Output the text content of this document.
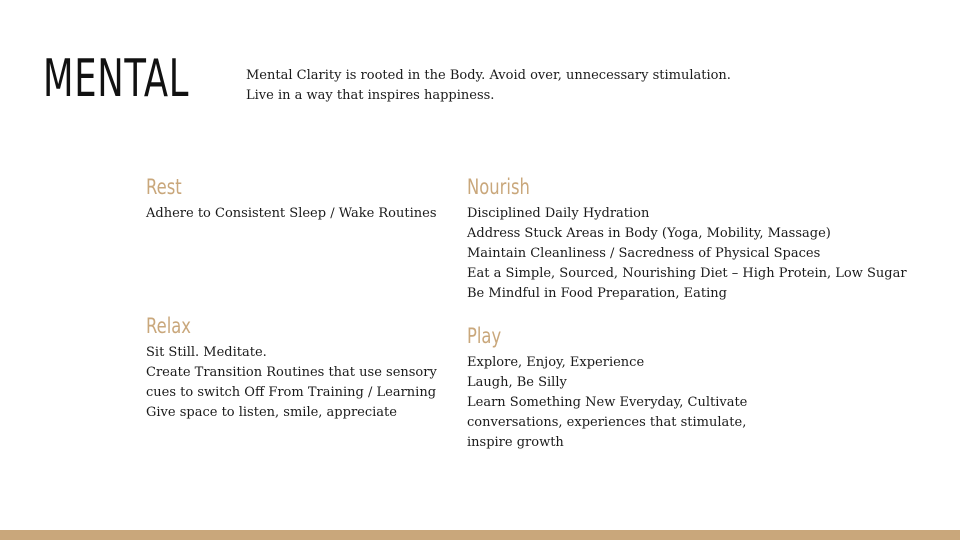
MENTAL	Mental Clarity is rooted in the Body. Avoid over, unnecessary stimulation.
Live in a way that inspires happiness.
Rest
Adhere to Consistent Sleep / Wake Routines
Relax
Sit Still. Meditate.
Create Transition Routines that use sensory
cues to switch Off From Training / Learning
Give space to listen, smile, appreciate
Nourish
Disciplined Daily Hydration
Address Stuck Areas in Body (Yoga, Mobility, Massage)
Maintain Cleanliness / Sacredness of Physical Spaces
Eat a Simple, Sourced, Nourishing Diet – High Protein, Low Sugar
Be Mindful in Food Preparation, Eating
Play
Explore, Enjoy, Experience
Laugh, Be Silly
Learn Something New Everyday, Cultivate
conversations, experiences that stimulate,
inspire growth
